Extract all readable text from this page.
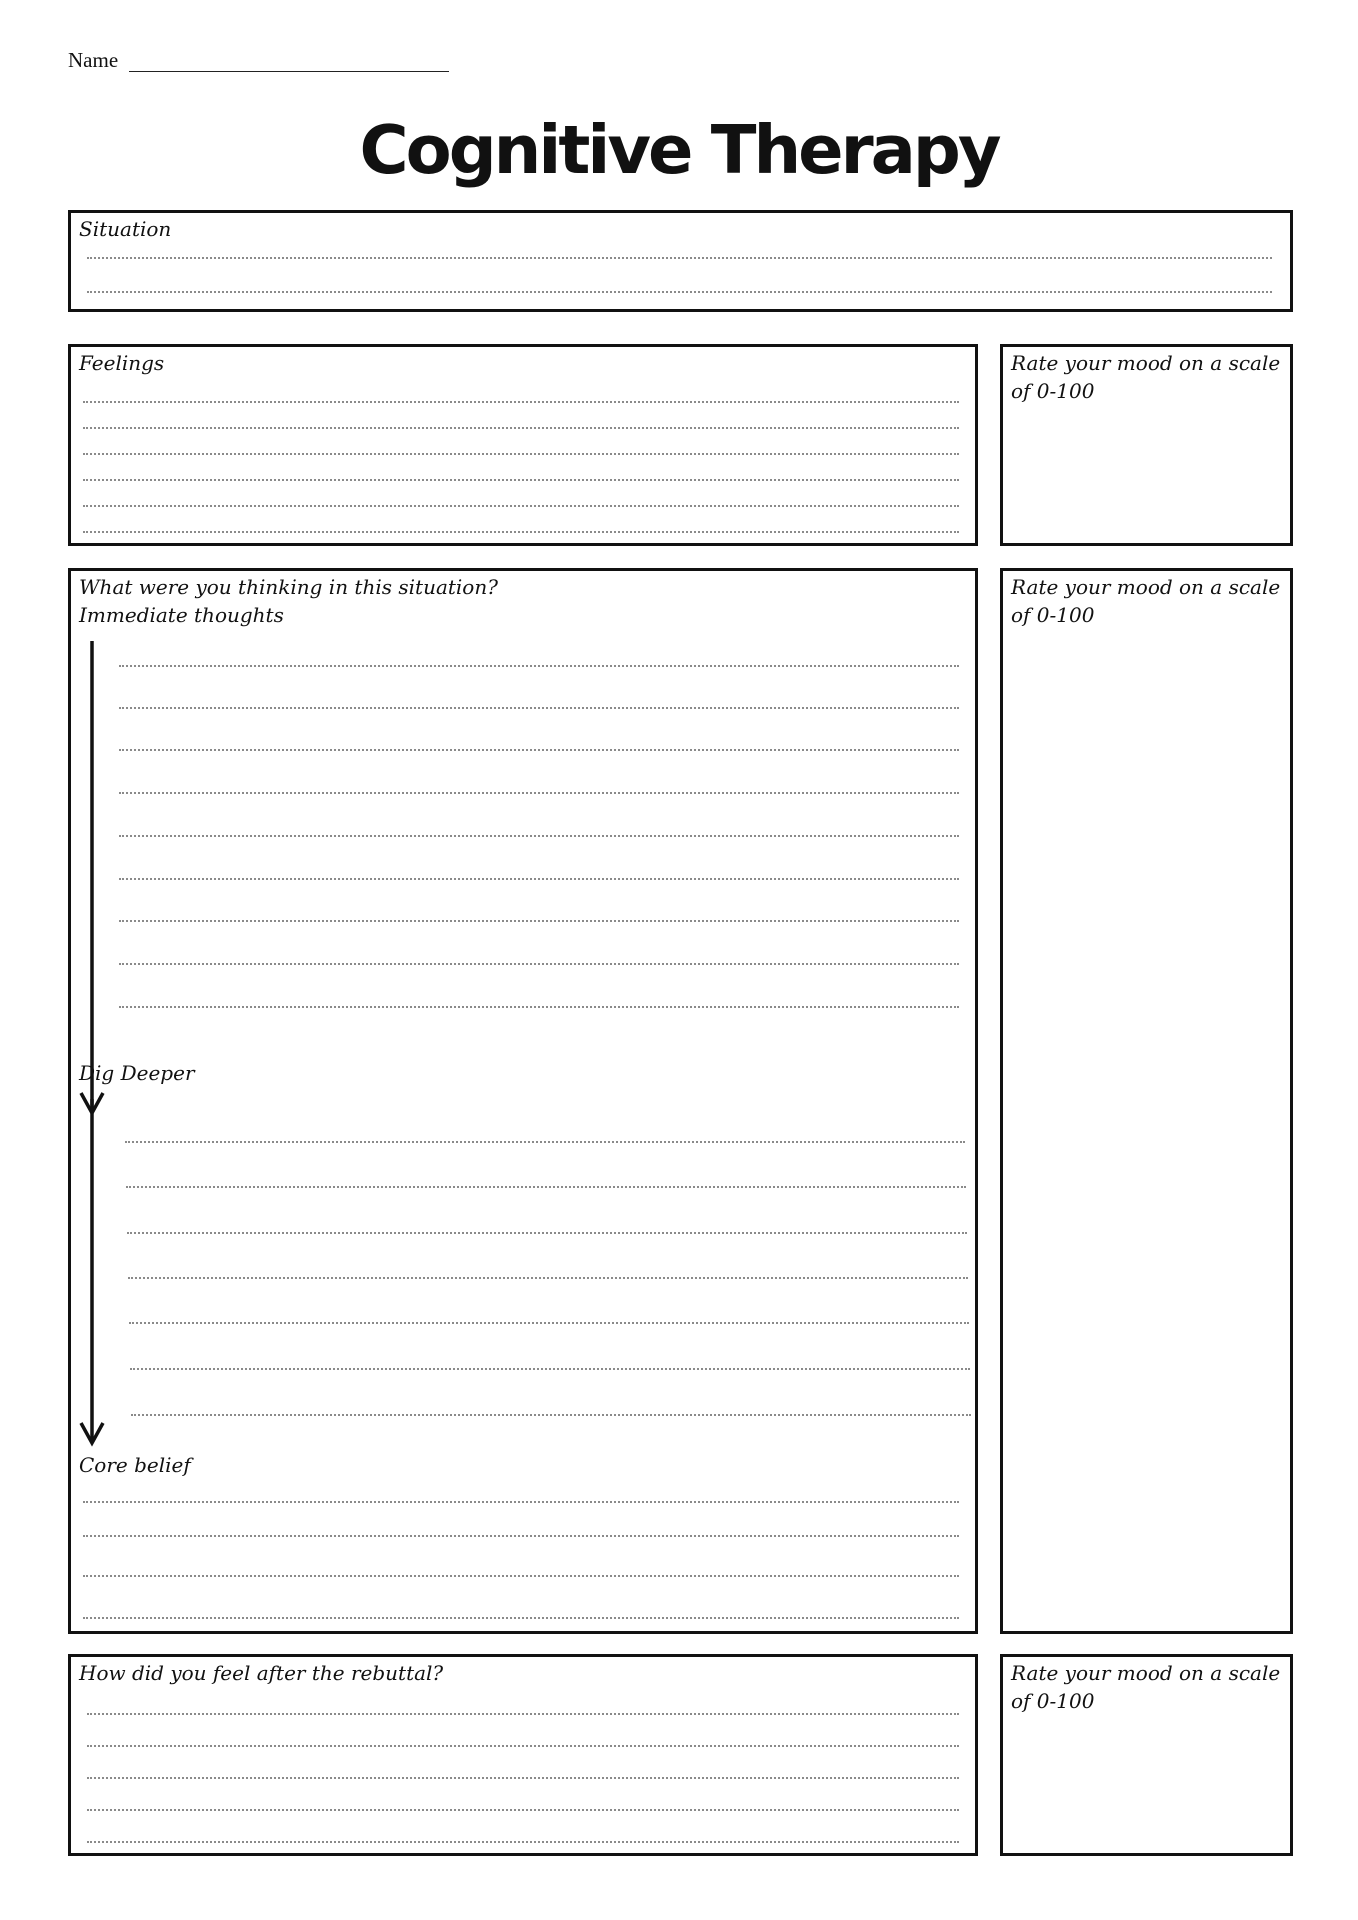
Name
Cognitive Therapy
Situation
Feelings	Rate your mood on a scale of 0-100
What were you thinking in this situation?
Immediate thoughts
Dig Deeper
Core belief
Rate your mood on a scale of 0-100
How did you feel after the rebuttal?	Rate your mood on a scale of 0-100
